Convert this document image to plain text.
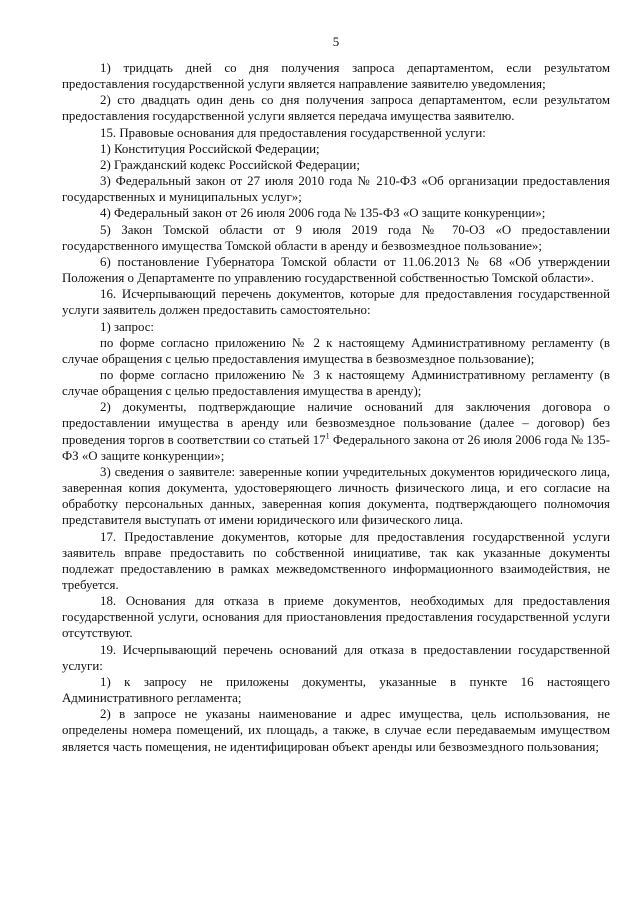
5

1) тридцать дней со дня получения запроса департаментом, если результатом предоставления государственной услуги является направление заявителю уведомления;

2) сто двадцать один день со дня получения запроса департаментом, если результатом предоставления государственной услуги является передача имущества заявителю.

15. Правовые основания для предоставления государственной услуги:

1) Конституция Российской Федерации;

2) Гражданский кодекс Российской Федерации;

3) Федеральный закон от 27 июля 2010 года № 210-ФЗ «Об организации предоставления государственных и муниципальных услуг»;

4) Федеральный закон от 26 июля 2006 года № 135-ФЗ «О защите конкуренции»;

5) Закон Томской области от 9 июля 2019 года № 70-ОЗ «О предоставлении государственного имущества Томской области в аренду и безвозмездное пользование»;

6) постановление Губернатора Томской области от 11.06.2013 № 68 «Об утверждении Положения о Департаменте по управлению государственной собственностью Томской области».

16. Исчерпывающий перечень документов, которые для предоставления государственной услуги заявитель должен предоставить самостоятельно:

1) запрос:

по форме согласно приложению № 2 к настоящему Административному регламенту (в случае обращения с целью предоставления имущества в безвозмездное пользование);

по форме согласно приложению № 3 к настоящему Административному регламенту (в случае обращения с целью предоставления имущества в аренду);

2) документы, подтверждающие наличие оснований для заключения договора о предоставлении имущества в аренду или безвозмездное пользование (далее – договор) без проведения торгов в соответствии со статьей $17^1$ Федерального закона от 26 июля 2006 года № 135-ФЗ «О защите конкуренции»;

3) сведения о заявителе: заверенные копии учредительных документов юридического лица, заверенная копия документа, удостоверяющего личность физического лица, и его согласие на обработку персональных данных, заверенная копия документа, подтверждающего полномочия представителя выступать от имени юридического или физического лица.

17. Предоставление документов, которые для предоставления государственной услуги заявитель вправе предоставить по собственной инициативе, так как указанные документы подлежат предоставлению в рамках межведомственного информационного взаимодействия, не требуется.

18. Основания для отказа в приеме документов, необходимых для предоставления государственной услуги, основания для приостановления предоставления государственной услуги отсутствуют.

19. Исчерпывающий перечень оснований для отказа в предоставлении государственной услуги:

1) к запросу не приложены документы, указанные в пункте 16 настоящего Административного регламента;

2) в запросе не указаны наименование и адрес имущества, цель использования, не определены номера помещений, их площадь, а также, в случае если передаваемым имуществом является часть помещения, не идентифицирован объект аренды или безвозмездного пользования;
